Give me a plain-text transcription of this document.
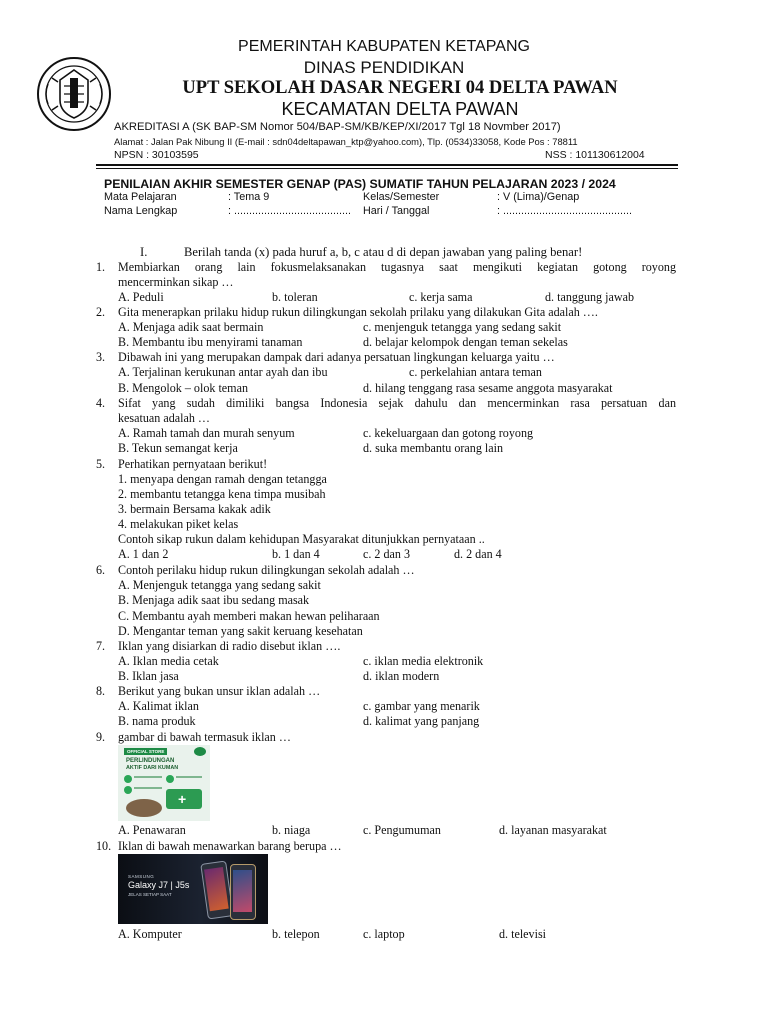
PEMERINTAH KABUPATEN KETAPANG
DINAS PENDIDIKAN
UPT SEKOLAH DASAR NEGERI 04 DELTA PAWAN
KECAMATAN DELTA PAWAN
AKREDITASI A (SK BAP-SM Nomor 504/BAP-SM/KB/KEP/XI/2017 Tgl 18 Novmber 2017)
Alamat : Jalan Pak Nibung II (E-mail : sdn04deltapawan_ktp@yahoo.com), Tlp. (0534)33058, Kode Pos : 78811
NPSN : 30103595	NSS : 101130612004
PENILAIAN AKHIR SEMESTER GENAP (PAS) SUMATIF TAHUN PELAJARAN 2023 / 2024
Mata Pelajaran	: Tema 9	Kelas/Semester	: V (Lima)/Genap
Nama Lengkap	: ....................................... Hari / Tanggal	: ...........................................
I.	Berilah tanda (x) pada huruf a, b, c atau d di depan jawaban yang paling benar!
1. Membiarkan orang lain fokusmelaksanakan tugasnya saat mengikuti kegiatan gotong royong
mencerminkan sikap …
A. Peduli	b. toleran	c. kerja sama	d. tanggung jawab
2. Gita menerapkan prilaku hidup rukun dilingkungan sekolah prilaku yang dilakukan Gita adalah ….
A. Menjaga adik saat bermain	c. menjenguk tetangga yang sedang sakit
B. Membantu ibu menyirami tanaman	d. belajar kelompok dengan teman sekelas
3. Dibawah ini yang merupakan dampak dari adanya persatuan lingkungan keluarga yaitu …
A. Terjalinan kerukunan antar ayah dan ibu	c. perkelahian antara teman
B. Mengolok – olok teman	d. hilang tenggang rasa sesame anggota masyarakat
4. Sifat yang sudah dimiliki bangsa Indonesia sejak dahulu dan mencerminkan rasa persatuan dan
kesatuan adalah …
A. Ramah tamah dan murah senyum	c. kekeluargaan dan gotong royong
B. Tekun semangat kerja	d. suka membantu orang lain
5. Perhatikan pernyataan berikut!
1. menyapa dengan ramah dengan tetangga
2. membantu tetangga kena timpa musibah
3. bermain Bersama kakak adik
4. melakukan piket kelas
Contoh sikap rukun dalam kehidupan Masyarakat ditunjukkan pernyataan ..
A. 1 dan 2	b. 1 dan 4	c. 2 dan 3	d. 2 dan 4
6. Contoh perilaku hidup rukun dilingkungan sekolah adalah …
A. Menjenguk tetangga yang sedang sakit
B. Menjaga adik saat ibu sedang masak
C. Membantu ayah memberi makan hewan peliharaan
D. Mengantar teman yang sakit keruang kesehatan
7. Iklan yang disiarkan di radio disebut iklan ….
A. Iklan media cetak	c. iklan media elektronik
B. Iklan jasa	d. iklan modern
8. Berikut yang bukan unsur iklan adalah …
A. Kalimat iklan	c. gambar yang menarik
B. nama produk	d. kalimat yang panjang
9. gambar di bawah termasuk iklan …
OFFICIAL STORE
PERLINDUNGAN
AKTIF DARI KUMAN
+
A. Penawaran	b. niaga	c. Pengumuman	d. layanan masyarakat
10. Iklan di bawah menawarkan barang berupa …
SAMSUNG
Galaxy J7 | J5s
JELAS SETIAP SAAT
A. Komputer	b. telepon	c. laptop	d. televisi
